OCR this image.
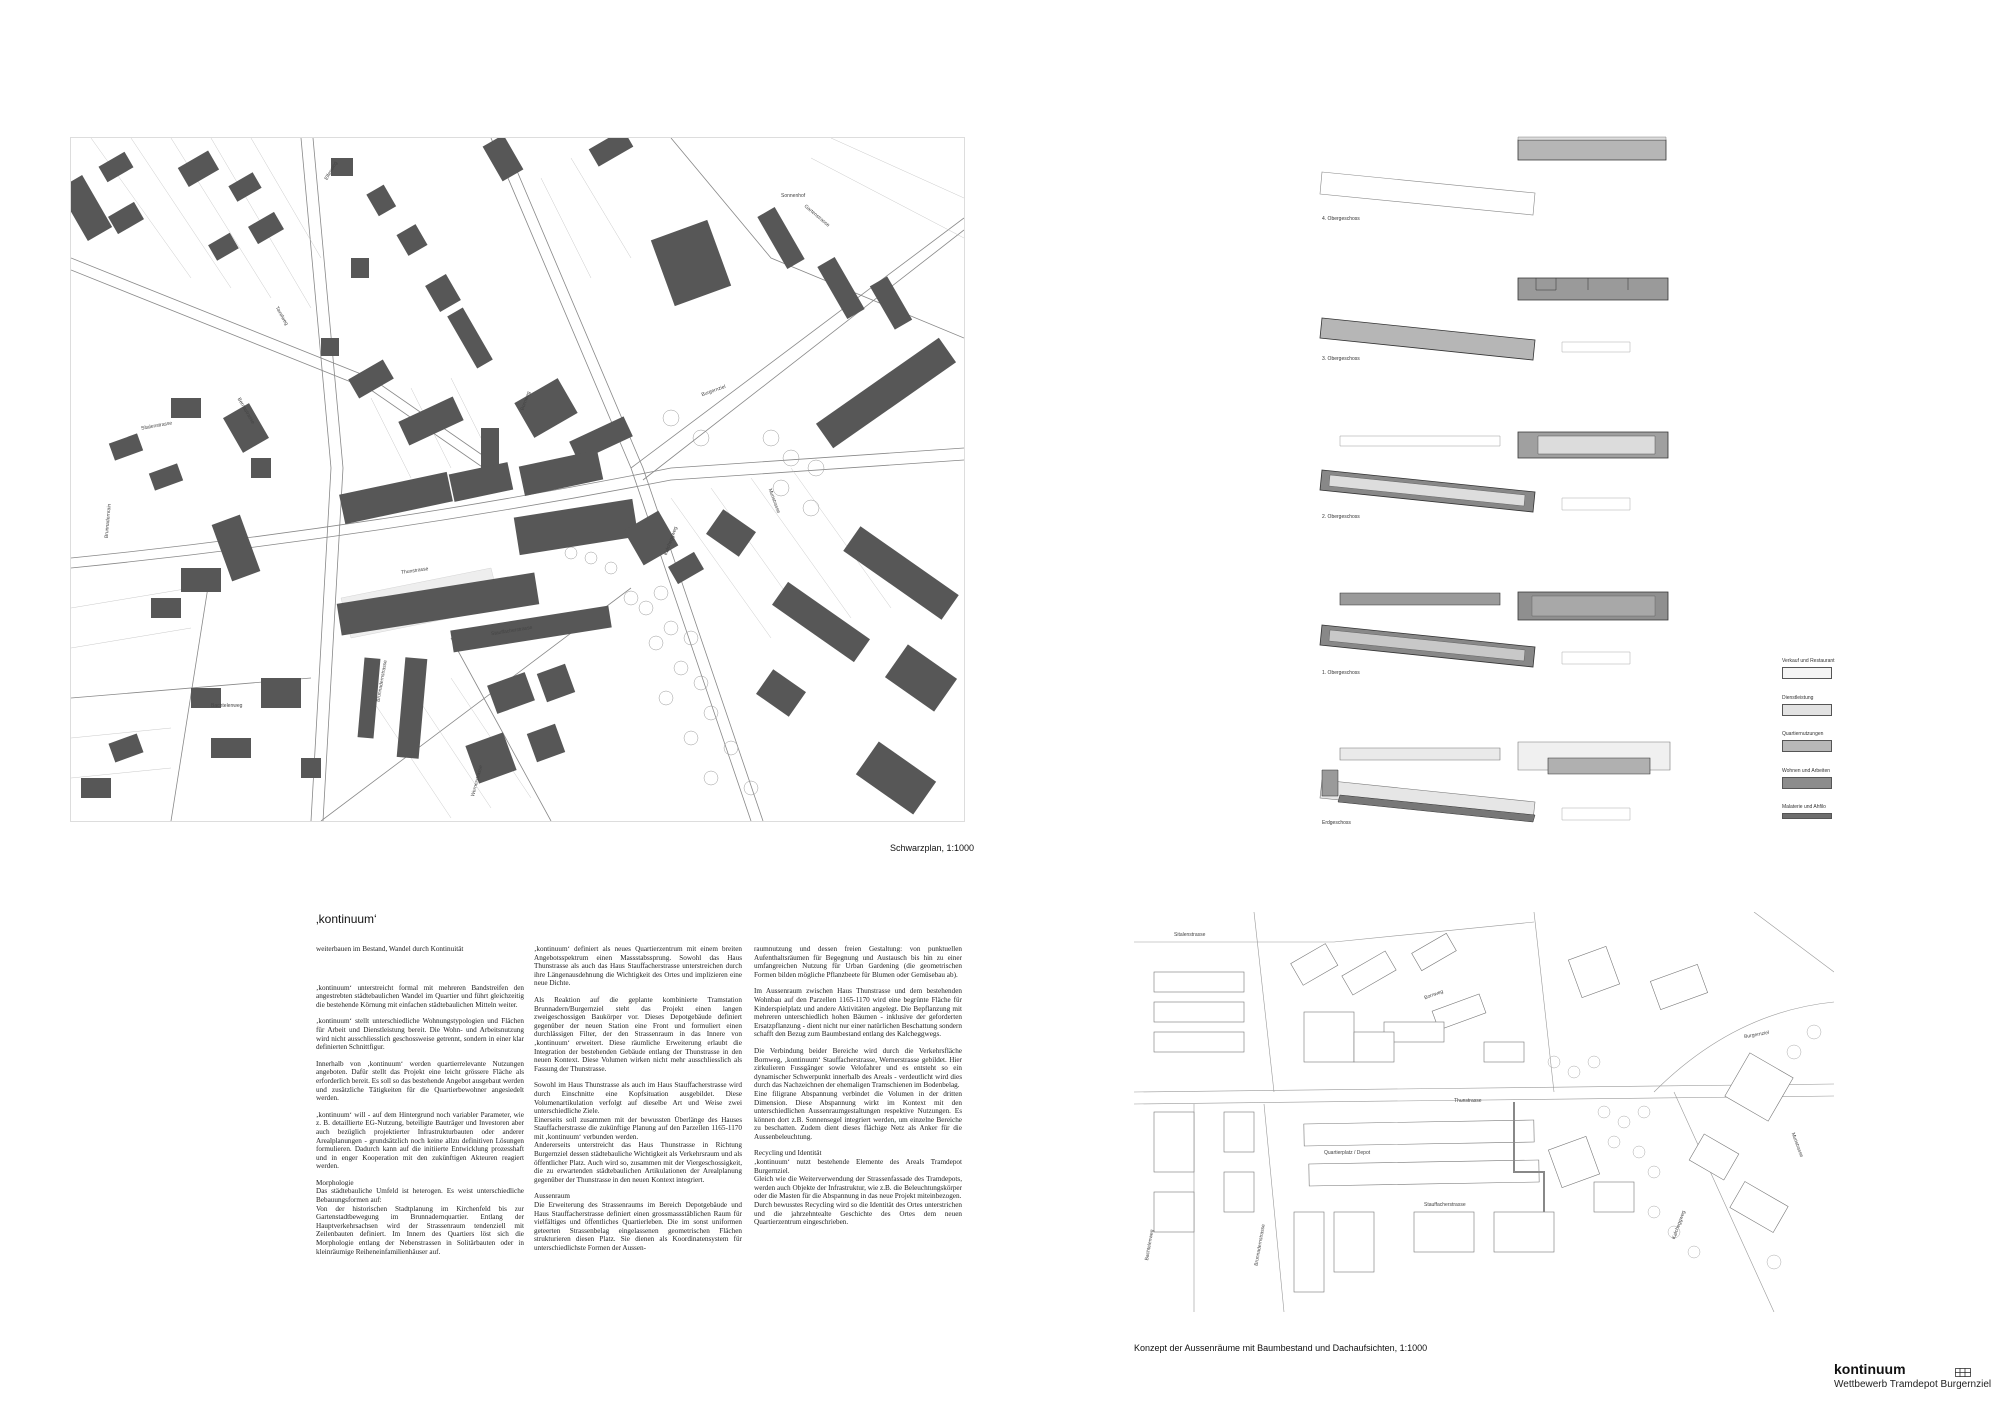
Thunstrasse
Stauffacherstrasse
Burgernziel
Muristrasse
Elfenweg
Gartenstrasse
Sonnenhof
Brunnadernstrasse
Wernerstrasse
Kalcheggweg
Sitalenstrasse
Bernastrasse
Tavelweg
Bornweg
Brunnadernrain
Bachtelenweg
Schwarzplan, 1:1000
‚kontinuum‘

weiterbauen im Bestand, Wandel durch Kontinuität

‚kontinuum‘ unterstreicht formal mit mehreren Bandstreifen den angestrebten städtebaulichen Wandel im Quartier und führt gleichzeitig die bestehende Körnung mit einfachen städtebaulichen Mitteln weiter.

‚kontinuum‘ stellt unterschiedliche Wohnungstypologien und Flächen für Arbeit und Dienstleistung bereit. Die Wohn- und Arbeitsnutzung wird nicht ausschliesslich geschossweise getrennt, sondern in einer klar definierten Schnittfigur.

Innerhalb von ‚kontinuum‘ werden quartierrelevante Nutzungen angeboten. Dafür stellt das Projekt eine leicht grössere Fläche als erforderlich bereit. Es soll so das bestehende Angebot ausgebaut werden und zusätzliche Tätigkeiten für die Quartierbewohner angesiedelt werden.

‚kontinuum‘ will - auf dem Hintergrund noch variabler Parameter, wie z. B. detaillierte EG-Nutzung, beteiligte Bauträger und Investoren aber auch bezüglich projektierter Infrastrukturbauten oder anderer Arealplanungen - grundsätzlich noch keine allzu definitiven Lösungen formulieren. Dadurch kann auf die initiierte Entwicklung prozesshaft und in enger Kooperation mit den zukünftigen Akteuren reagiert werden.

Morphologie
Das städtebauliche Umfeld ist heterogen. Es weist unterschiedliche Bebauungsformen auf:
Von der historischen Stadtplanung im Kirchenfeld bis zur Gartenstadtbewegung im Brunnadernquartier. Entlang der Hauptverkehrsachsen wird der Strassenraum tendenziell mit Zeilenbauten definiert. Im Innern des Quartiers löst sich die Morphologie entlang der Nebenstrassen in Solitärbauten oder in kleinräumige Reiheneinfamilienhäuser auf.

‚kontinuum‘ definiert als neues Quartierzentrum mit einem breiten Angebotsspektrum einen Massstabssprung. Sowohl das Haus Thunstrasse als auch das Haus Stauffacherstrasse unterstreichen durch ihre Längenausdehnung die Wichtigkeit des Ortes und implizieren eine neue Dichte.

Als Reaktion auf die geplante kombinierte Tramstation Brunnadern/Burgernziel steht das Projekt einen langen zweigeschossigen Baukörper vor. Dieses Depotgebäude definiert gegenüber der neuen Station eine Front und formuliert einen durchlässigen Filter, der den Strassenraum in das Innere von ‚kontinuum‘ erweitert. Diese räumliche Erweiterung erlaubt die Integration der bestehenden Gebäude entlang der Thunstrasse in den neuen Kontext. Diese Volumen wirken nicht mehr ausschliesslich als Fassung der Thunstrasse.

Sowohl im Haus Thunstrasse als auch im Haus Stauffacherstrasse wird durch Einschnitte eine Kopfsituation ausgebildet. Diese Volumenartikulation verfolgt auf dieselbe Art und Weise zwei unterschiedliche Ziele.
Einerseits soll zusammen mit der bewussten Überlänge des Hauses Stauffacherstrasse die zukünftige Planung auf den Parzellen 1165-1170 mit ‚kontinuum‘ verbunden werden.
Andererseits unterstreicht das Haus Thunstrasse in Richtung Burgernziel dessen städtebauliche Wichtigkeit als Verkehrsraum und als öffentlicher Platz. Auch wird so, zusammen mit der Viergeschossigkeit, die zu erwartenden städtebaulichen Artikulationen der Arealplanung gegenüber der Thunstrasse in den neuen Kontext integriert.

Aussenraum
Die Erweiterung des Strassenraums im Bereich Depotgebäude und Haus Stauffacherstrasse definiert einen grossmassstäblichen Raum für vielfältiges und öffentliches Quartierleben. Die im sonst uniformen geteerten Strassenbelag eingelassenen geometrischen Flächen strukturieren diesen Platz. Sie dienen als Koordinatensystem für unterschiedlichste Formen der Aussen-

raumnutzung und dessen freien Gestaltung: von punktuellen Aufenthaltsräumen für Begegnung und Austausch bis hin zu einer umfangreichen Nutzung für Urban Gardening (die geometrischen Formen bilden mögliche Pflanzbeete für Blumen oder Gemüsebau ab).

Im Aussenraum zwischen Haus Thunstrasse und dem bestehenden Wohnbau auf den Parzellen 1165-1170 wird eine begrünte Fläche für Kinderspielplatz und andere Aktivitäten angelegt. Die Bepflanzung mit mehreren unterschiedlich hohen Bäumen - inklusive der geforderten Ersatzpflanzung - dient nicht nur einer natürlichen Beschattung sondern schafft den Bezug zum Baumbestand entlang des Kalcheggwegs.

Die Verbindung beider Bereiche wird durch die Verkehrsfläche Bornweg, ‚kontinuum‘ Stauffacherstrasse, Wernerstrasse gebildet. Hier zirkulieren Fussgänger sowie Velofahrer und es entsteht so ein dynamischer Schwerpunkt innerhalb des Areals - verdeutlicht wird dies durch das Nachzeichnen der ehemaligen Tramschienen im Bodenbelag.
Eine filigrane Abspannung verbindet die Volumen in der dritten Dimension. Diese Abspannung wirkt im Kontext mit den unterschiedlichen Aussenraumgestaltungen respektive Nutzungen. Es können dort z.B. Sonnensegel integriert werden, um einzelne Bereiche zu beschatten. Zudem dient dieses flächige Netz als Anker für die Aussenbeleuchtung.

Recycling und Identität
‚kontinuum‘ nutzt bestehende Elemente des Areals Tramdepot Burgernziel.
Gleich wie die Weiterverwendung der Strassenfassade des Tramdepots, werden auch Objekte der Infrastruktur, wie z.B. die Beleuchtungskörper oder die Masten für die Abspannung in das neue Projekt miteinbezogen.
Durch bewusstes Recycling wird so die Identität des Ortes unterstrichen und die jahrzehntealte Geschichte des Ortes dem neuen Quartierzentrum eingeschrieben.

4. Obergeschoss
3. Obergeschoss
2. Obergeschoss
1. Obergeschoss
Erdgeschoss
Verkauf und Restaurant
Dienstleistung
Quartiernutzungen
Wohnen und Arbeiten
Malaterie und Ahfilo
Thunstrasse
Quartierplatz / Depot
Stauffacherstrasse
Burgernziel
Muristrasse
Bornweg
Sitalenstrasse
Brunnadernstrasse
Bachtelenweg
Kalcheggweg
Konzept der Aussenräume mit Baumbestand und Dachaufsichten, 1:1000
kontinuum
Wettbewerb Tramdepot Burgernziel
